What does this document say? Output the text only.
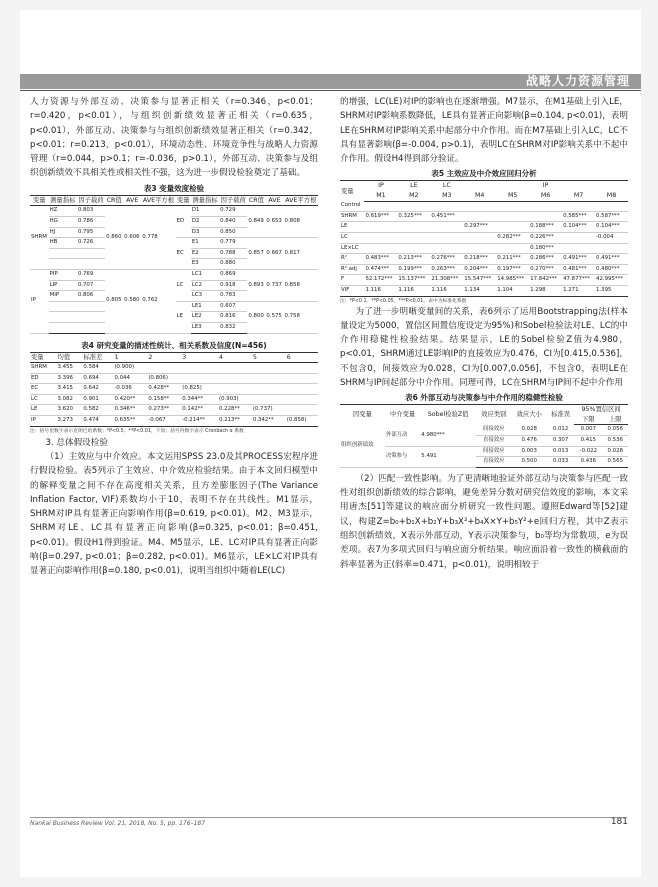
战略人力资源管理

人力资源与外部互动、决策参与显著正相关（r=0.346，p<0.01；r=0.420，p<0.01），与组织创新绩效显著正相关（r=0.635，p<0.01），外部互动、决策参与与组织创新绩效显著正相关（r=0.342，p<0.01；r=0.213，p<0.01），环境动态性、环境竞争性与战略人力资源管理（r=0.044，p>0.1；r=-0.036，p>0.1），外部互动、决策参与及组织创新绩效不具相关性或相关性不强，这为进一步假设检验奠定了基础。

表3 变量效度检验
变量	测量指标	因子载荷	CR值	AVE	AVE平方根	变量	测量指标	因子载荷	CR值	AVE	AVE平方根
SHRM	HZ	0.803	0.860	0.606	0.778	ED	D1	0.729	0.849	0.653	0.808
	HG	0.786					D2	0.840			
	HJ	0.795					D3	0.850			
	HB	0.726				EC	E1	0.779	0.857	0.667	0.817
							E2	0.788			
							E3	0.880			
IP	PIP	0.769	0.805	0.580	0.762	LC	LC1	0.869	0.893	0.737	0.858
	LIP	0.707					LC2	0.918			
	MIP	0.806					LC3	0.783			
						LE	LE1	0.607	0.800	0.575	0.758
							LE2	0.816			
							LE3	0.832			
表4 研究变量的描述性统计、相关系数及信度(N=456)
变量	均值	标准差	1	2	3	4	5	6
SHRM	3.455	0.584	(0.900)					
ED	3.396	0.694	0.044	(0.806)				
EC	3.415	0.642	-0.036	0.428**	(0.825)			
LC	3.082	0.901	0.420**	0.158**	0.344**	(0.903)		
LE	3.620	0.582	0.346**	0.273**	0.142**	0.228**	(0.737)	
IP	3.273	0.474	0.635**	-0.067	-0.214**	0.213**	0.342**	(0.858)
注：括号里数字表示克朗巴哈系数；*P<0.5；**P<0.01，下同；括号内数字表示 Cronbach α 系数

3. 总体假设检验

（1）主效应与中介效应。本文运用SPSS 23.0及其PROCESS宏程序进行假设检验。表5列示了主效应、中介效应检验结果。由于本文回归模型中的解释变量之间不存在高度相关关系，且方差膨胀因子(The Variance Inflation Factor, VIF)系数均小于10，表明不存在共线性。M1显示，SHRM对IP具有显著正向影响作用(β=0.619, p<0.01)。M2、M3显示，SHRM对LE、LC具有显著正向影响(β=0.325, p<0.01；β=0.451, p<0.01)。假设H1得到验证。M4、M5显示，LE、LC对IP具有显著正向影响(β=0.297, p<0.01；β=0.282, p<0.01)。M6显示，LE×LC对IP具有显著正向影响作用(β=0.180, p<0.01)，说明当组织中随着LE(LC)

的增强，LC(LE)对IP的影响也在逐渐增强。M7显示，在M1基础上引入LE，SHRM对IP影响系数降低，LE具有显著正向影响(β=0.104, p<0.01)，表明LE在SHRM对IP影响关系中起部分中介作用。而在M7基础上引入LC，LC不具有显著影响(β=-0.004, p>0.1)，表明LC在SHRM对IP影响关系中不起中介作用。假设H4得到部分验证。

表5 主效应及中介效应回归分析
变量	IP	LE	LC	IP				
	M1	M2	M3	M4	M5	M6	M7	M8
Control								
SHRM	0.619***	0.325***	0.451***				0.585***	0.587***
LE				0.297***		0.188***	0.104***	0.104***
LC					0.282***	0.226***		-0.004
LE×LC						0.180***		
R²	0.483***	0.213***	0.276***	0.218***	0.211***	0.286***	0.491***	0.491***
R² adj	0.474***	0.199***	0.263***	0.204***	0.197***	0.270***	0.481***	0.480***
F	52.172***	15.137***	21.308***	15.547***	14.985***	17.842***	47.877***	42.995***
VIF	1.116	1.116	1.116	1.134	1.104	1.298	1.271	1.395
注：*P<0.1，**P<0.05，***P<0.01，表中为标准化系数

为了进一步明晰变量间的关系，表6列示了运用Bootstrapping法(样本量设定为5000，置信区间置信度设定为95%)和Sobel检验法对LE、LC的中介作用稳健性检验结果。结果显示，LE的Sobel检验Z值为4.980，p<0.01，SHRM通过LE影响IP的直接效应为0.476，CI为[0.415,0.536]，不包含0，间接效应为0.028，CI为[0.007,0.056]，不包含0，表明LE在SHRM与IP间起部分中介作用。同理可得，LC在SHRM与IP间不起中介作用

表6 外部互动与决策参与中介作用的稳健性检验
因变量	中介变量	Sobel检验Z值	效应类别	效应大小	标准误	95%置信区间	
						下限	上限
组织创新绩效	外部互动	4.980***	间接效应	0.028	0.012	0.007	0.056
			直接效应	0.476	0.307	0.415	0.536
	决策参与	5.491	间接效应	0.003	0.013	-0.022	0.028
			直接效应	0.500	0.033	0.436	0.565

（2）匹配一致性影响。为了更清晰地验证外部互动与决策参与匹配一致性对组织创新绩效的综合影响，避免差异分数对研究信效度的影响，本文采用唐杰[51]等建议的响应面分析研究一致性问题。遵照Edward等[52]建议，构建Z=b₀+b₁X+b₂Y+b₃X²+b₄X×Y+b₅Y²+e回归方程，其中Z表示组织创新绩效，X表示外部互动，Y表示决策参与，b₀等均为常数项，e为误差项。表7为多项式回归与响应面分析结果。响应面沿着一致性的横截面的斜率显著为正(斜率=0.471，p<0.01)，说明相较于

Nankai Business Review Vol. 21, 2018, No. 5, pp. 176–187	181
